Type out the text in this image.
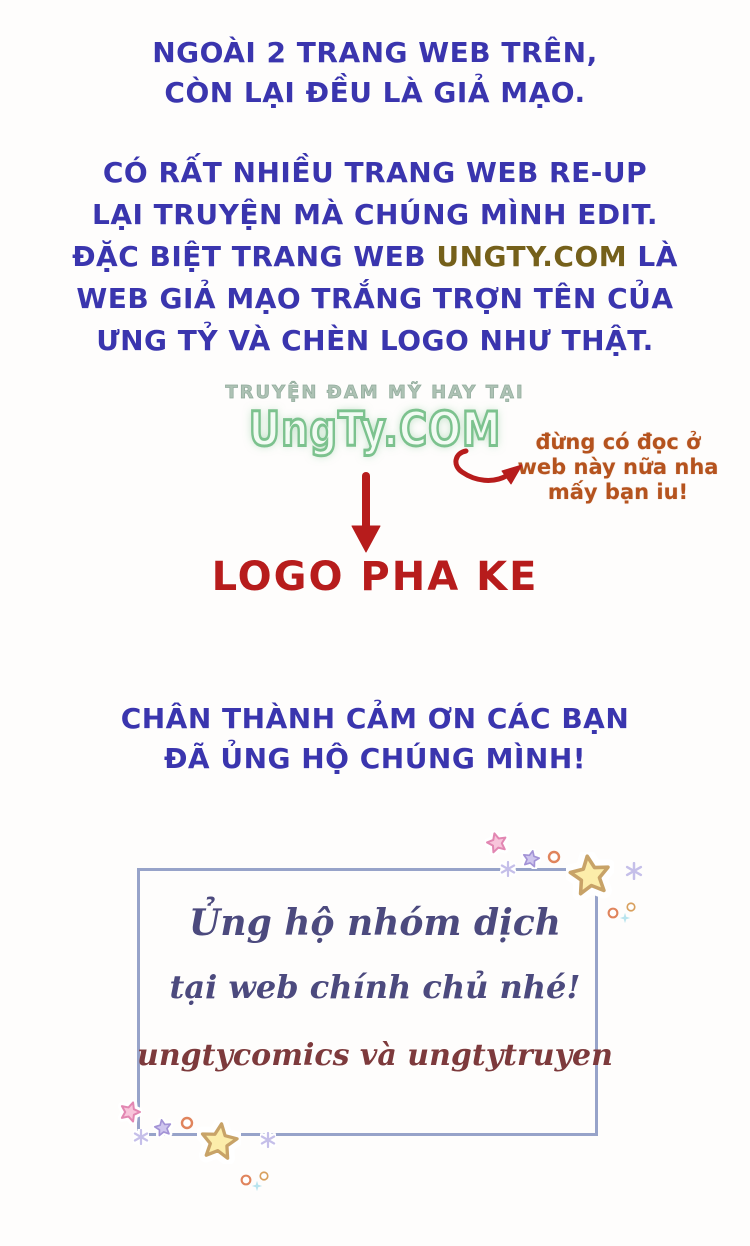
NGOÀI 2 TRANG WEB TRÊN,
CÒN LẠI ĐỀU LÀ GIẢ MẠO.
CÓ RẤT NHIỀU TRANG WEB RE-UP
LẠI TRUYỆN MÀ CHÚNG MÌNH EDIT.
ĐẶC BIỆT TRANG WEB UNGTY.COM LÀ
WEB GIẢ MẠO TRẮNG TRỢN TÊN CỦA
ƯNG TỶ VÀ CHÈN LOGO NHƯ THẬT.
TRUYỆN ĐAM MỸ HAY TẠI
UngTy.COM	đừng có đọc ở
web này nữa nha
mấy bạn iu!
LOGO PHA KE
CHÂN THÀNH CẢM ƠN CÁC BẠN
ĐÃ ỦNG HỘ CHÚNG MÌNH!
Ủng hộ nhóm dịch
tại web chính chủ nhé!
ungtycomics và ungtytruyen
